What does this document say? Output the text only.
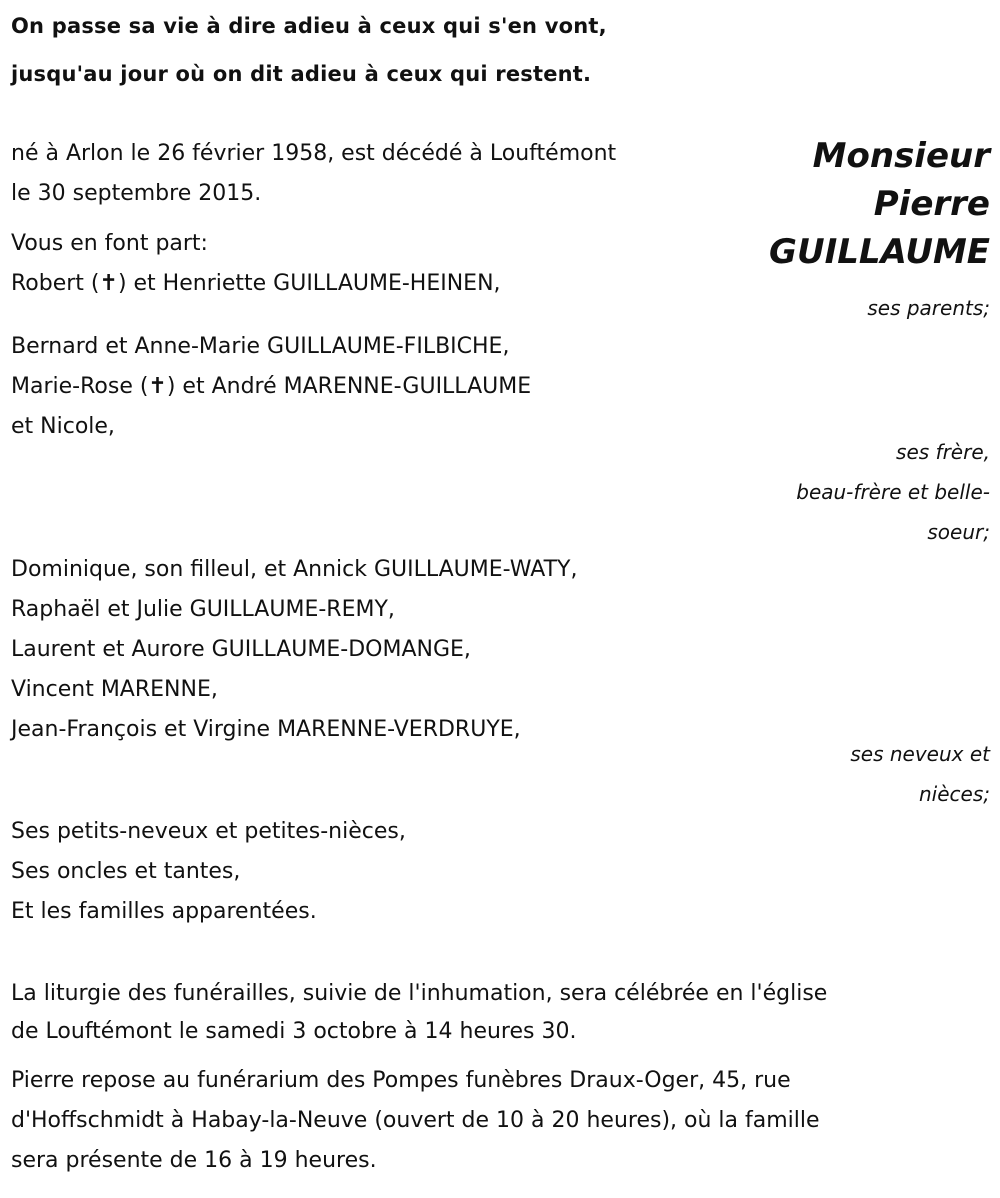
On passe sa vie à dire adieu à ceux qui s'en vont,
jusqu'au jour où on dit adieu à ceux qui restent.
Monsieur
Pierre
GUILLAUME
né à Arlon le 26 février 1958, est décédé à Louftémont
le 30 septembre 2015.
Vous en font part:
Robert (✝) et Henriette GUILLAUME-HEINEN,
ses parents;
Bernard et Anne-Marie GUILLAUME-FILBICHE,
Marie-Rose (✝) et André MARENNE-GUILLAUME
et Nicole,
ses frère,
beau-frère et belle-
soeur;
Dominique, son filleul, et Annick GUILLAUME-WATY,
Raphaël et Julie GUILLAUME-REMY,
Laurent et Aurore GUILLAUME-DOMANGE,
Vincent MARENNE,
Jean-François et Virgine MARENNE-VERDRUYE,
ses neveux et
nièces;
Ses petits-neveux et petites-nièces,
Ses oncles et tantes,
Et les familles apparentées.
La liturgie des funérailles, suivie de l'inhumation, sera célébrée en l'église
de Louftémont le samedi 3 octobre à 14 heures 30.
Pierre repose au funérarium des Pompes funèbres Draux-Oger, 45, rue
d'Hoffschmidt à Habay-la-Neuve (ouvert de 10 à 20 heures), où la famille
sera présente de 16 à 19 heures.
